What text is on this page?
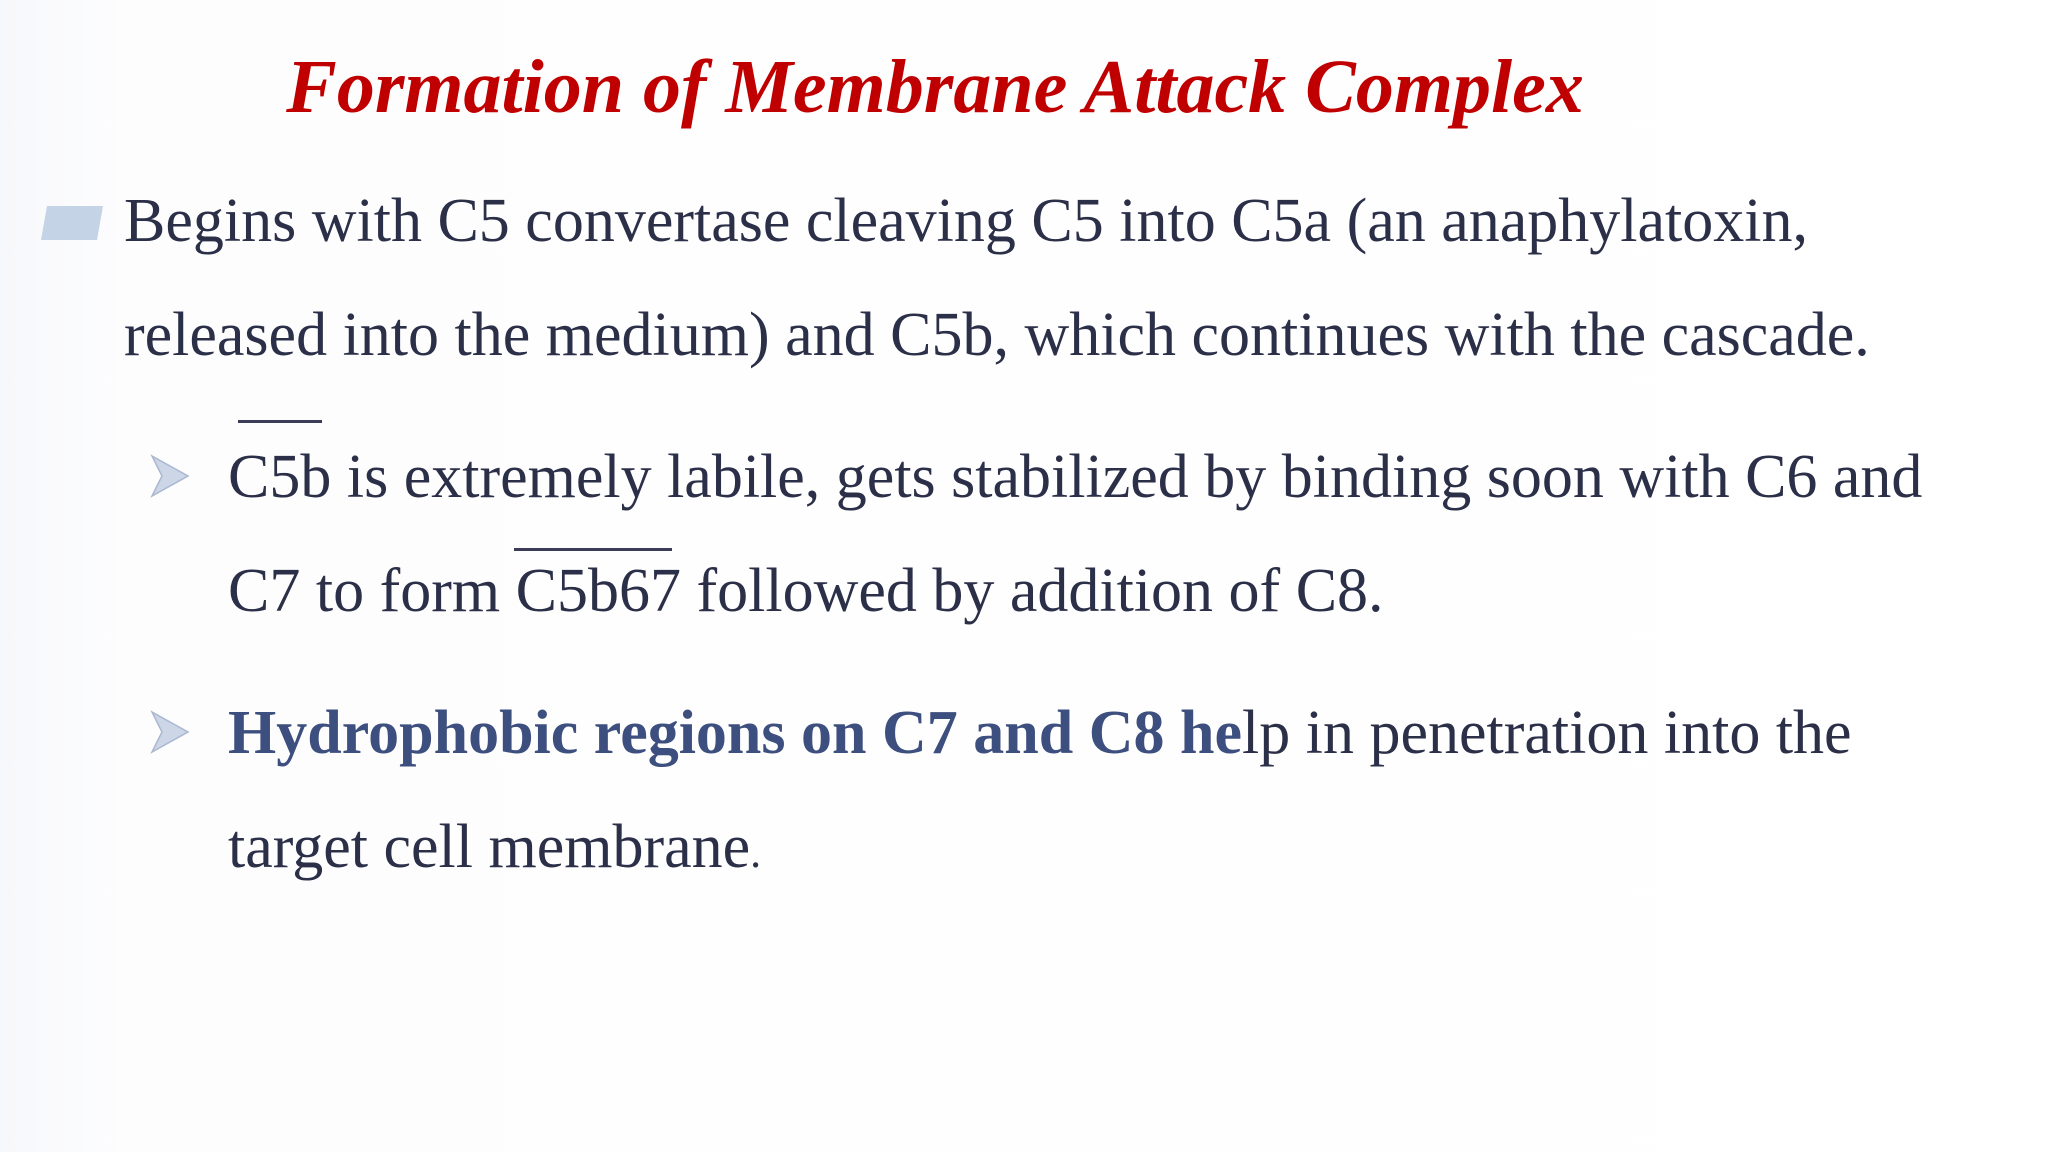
Formation of Membrane Attack Complex
Begins with C5 convertase cleaving C5 into C5a (an anaphylatoxin,
released into the medium) and C5b, which continues with the cascade.
C5b is extremely labile, gets stabilized by binding soon with C6 and
C7 to form C5b67 followed by addition of C8.
Hydrophobic regions on C7 and C8 help in penetration into the
target cell membrane.
